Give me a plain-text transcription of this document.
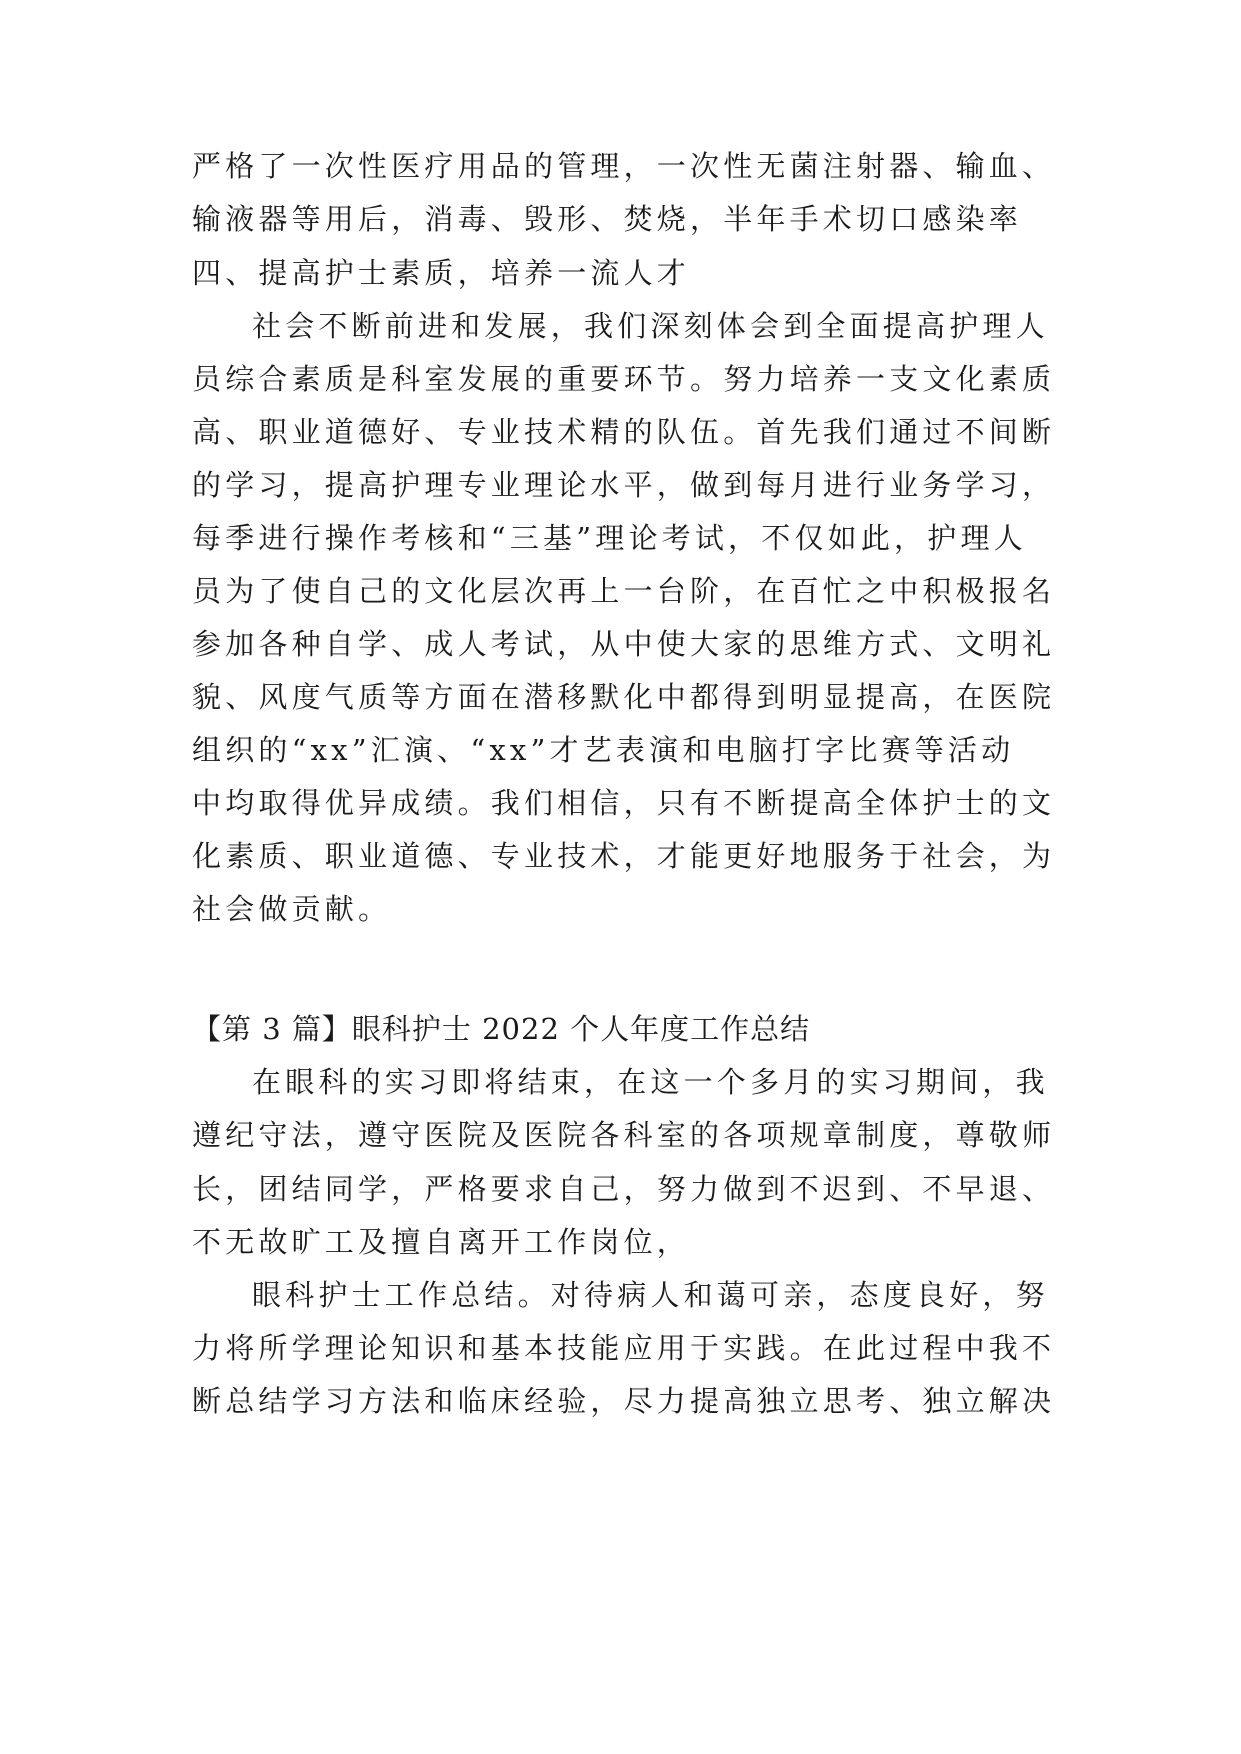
严格了一次性医疗用品的管理，一次性无菌注射器、输血、
输液器等用后，消毒、毁形、焚烧，半年手术切口感染率
四、提高护士素质，培养一流人才
社会不断前进和发展，我们深刻体会到全面提高护理人
员综合素质是科室发展的重要环节。努力培养一支文化素质
高、职业道德好、专业技术精的队伍。首先我们通过不间断
的学习，提高护理专业理论水平，做到每月进行业务学习，
每季进行操作考核和“三基”理论考试，不仅如此，护理人
员为了使自己的文化层次再上一台阶，在百忙之中积极报名
参加各种自学、成人考试，从中使大家的思维方式、文明礼
貌、风度气质等方面在潜移默化中都得到明显提高，在医院
组织的“xx”汇演、“xx”才艺表演和电脑打字比赛等活动
中均取得优异成绩。我们相信，只有不断提高全体护士的文
化素质、职业道德、专业技术，才能更好地服务于社会，为
社会做贡献。
【第 3 篇】眼科护士 2022 个人年度工作总结
在眼科的实习即将结束，在这一个多月的实习期间，我
遵纪守法，遵守医院及医院各科室的各项规章制度，尊敬师
长，团结同学，严格要求自己，努力做到不迟到、不早退、
不无故旷工及擅自离开工作岗位，
眼科护士工作总结。对待病人和蔼可亲，态度良好，努
力将所学理论知识和基本技能应用于实践。在此过程中我不
断总结学习方法和临床经验，尽力提高独立思考、独立解决
